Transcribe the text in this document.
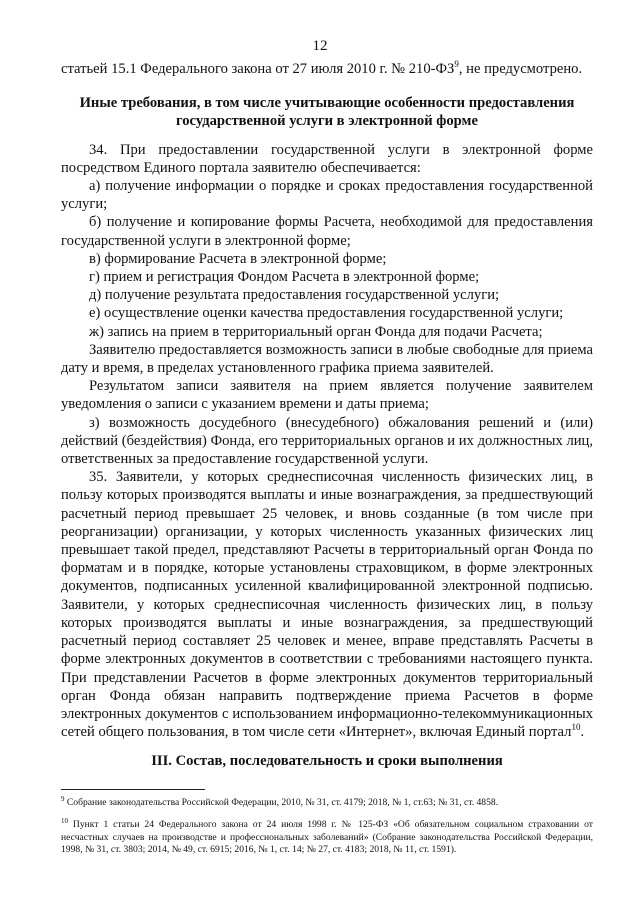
12

статьей 15.1 Федерального закона от 27 июля 2010 г. № $210-ФЗ^9$, не предусмотрено.

Иные требования, в том числе учитывающие особенности предоставления государственной услуги в электронной форме

34. При предоставлении государственной услуги в электронной форме посредством Единого портала заявителю обеспечивается:

а) получение информации о порядке и сроках предоставления государственной услуги;

б) получение и копирование формы Расчета, необходимой для предоставления государственной услуги в электронной форме;

в) формирование Расчета в электронной форме;

г) прием и регистрация Фондом Расчета в электронной форме;

д) получение результата предоставления государственной услуги;

е) осуществление оценки качества предоставления государственной услуги;

ж) запись на прием в территориальный орган Фонда для подачи Расчета;

Заявителю предоставляется возможность записи в любые свободные для приема дату и время, в пределах установленного графика приема заявителей.

Результатом записи заявителя на прием является получение заявителем уведомления о записи с указанием времени и даты приема;

з) возможность досудебного (внесудебного) обжалования решений и (или) действий (бездействия) Фонда, его территориальных органов и их должностных лиц, ответственных за предоставление государственной услуги.

35. Заявители, у которых среднесписочная численность физических лиц, в пользу которых производятся выплаты и иные вознаграждения, за предшествующий расчетный период превышает 25 человек, и вновь созданные (в том числе при реорганизации) организации, у которых численность указанных физических лиц превышает такой предел, представляют Расчеты в территориальный орган Фонда по форматам и в порядке, которые установлены страховщиком, в форме электронных документов, подписанных усиленной квалифицированной электронной подписью. Заявители, у которых среднесписочная численность физических лиц, в пользу которых производятся выплаты и иные вознаграждения, за предшествующий расчетный период составляет 25 человек и менее, вправе представлять Расчеты в форме электронных документов в соответствии с требованиями настоящего пункта. При представлении Расчетов в форме электронных документов территориальный орган Фонда обязан направить подтверждение приема Расчетов в форме электронных документов с использованием информационно-телекоммуникационных сетей общего пользования, в том числе сети «Интернет», включая Единый портал$^{10}$.

III. Состав, последовательность и сроки выполнения

$^9$ Собрание законодательства Российской Федерации, 2010, № 31, ст. 4179; 2018, № 1, ст.63; № 31, ст. 4858.

$^{10}$ Пункт 1 статьи 24 Федерального закона от 24 июля 1998 г. № 125-ФЗ «Об обязательном социальном страховании от несчастных случаев на производстве и профессиональных заболеваний» (Собрание законодательства Российской Федерации, 1998, № 31, ст. 3803; 2014, № 49, ст. 6915; 2016, № 1, ст. 14; № 27, ст. 4183; 2018, № 11, ст. 1591).
